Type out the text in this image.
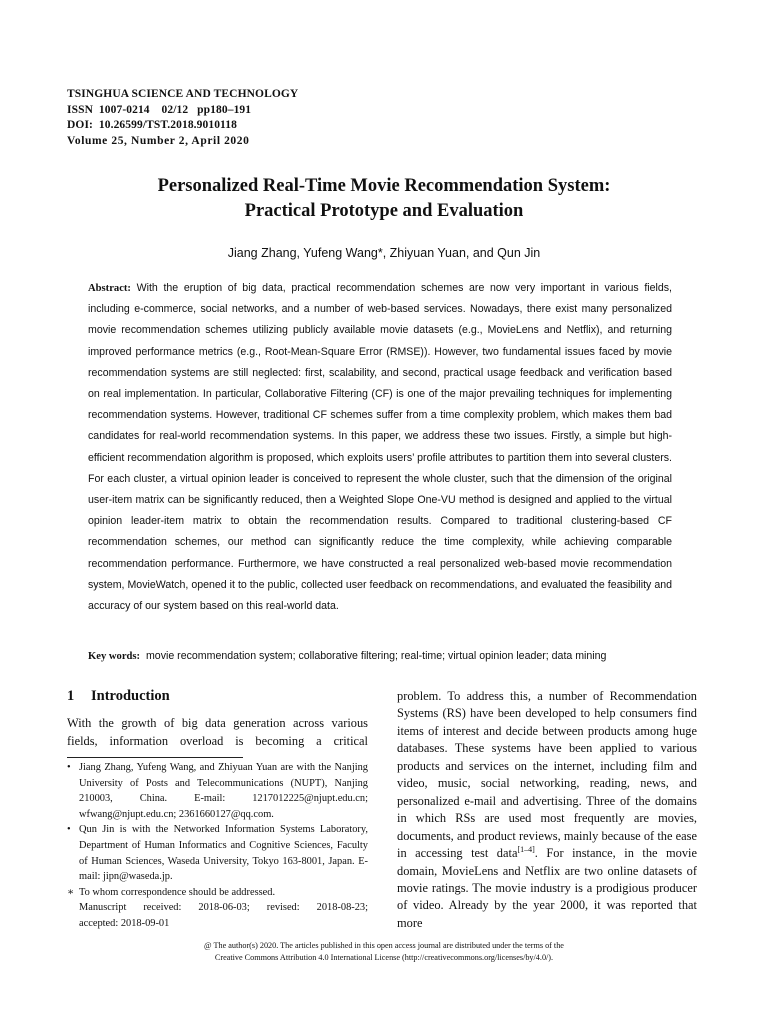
TSINGHUA SCIENCE AND TECHNOLOGY
ISSN  1007-0214    02/12   pp180–191
DOI:  10.26599/TST.2018.9010118
Volume 25, Number 2, April 2020
Personalized Real-Time Movie Recommendation System:
Practical Prototype and Evaluation
Jiang Zhang, Yufeng Wang*, Zhiyuan Yuan, and Qun Jin
Abstract: With the eruption of big data, practical recommendation schemes are now very important in various fields, including e-commerce, social networks, and a number of web-based services. Nowadays, there exist many personalized movie recommendation schemes utilizing publicly available movie datasets (e.g., MovieLens and Netflix), and returning improved performance metrics (e.g., Root-Mean-Square Error (RMSE)). However, two fundamental issues faced by movie recommendation systems are still neglected: first, scalability, and second, practical usage feedback and verification based on real implementation. In particular, Collaborative Filtering (CF) is one of the major prevailing techniques for implementing recommendation systems. However, traditional CF schemes suffer from a time complexity problem, which makes them bad candidates for real-world recommendation systems. In this paper, we address these two issues. Firstly, a simple but high-efficient recommendation algorithm is proposed, which exploits users’ profile attributes to partition them into several clusters. For each cluster, a virtual opinion leader is conceived to represent the whole cluster, such that the dimension of the original user-item matrix can be significantly reduced, then a Weighted Slope One-VU method is designed and applied to the virtual opinion leader-item matrix to obtain the recommendation results. Compared to traditional clustering-based CF recommendation schemes, our method can significantly reduce the time complexity, while achieving comparable recommendation performance. Furthermore, we have constructed a real personalized web-based movie recommendation system, MovieWatch, opened it to the public, collected user feedback on recommendations, and evaluated the feasibility and accuracy of our system based on this real-world data.
Key words: movie recommendation system; collaborative filtering; real-time; virtual opinion leader; data mining
1 Introduction
With the growth of big data generation across various
fields, information overload is becoming a critical
• Jiang Zhang, Yufeng Wang, and Zhiyuan Yuan are with the Nanjing University of Posts and Telecommunications (NUPT), Nanjing 210003, China. E-mail: 1217012225@njupt.edu.cn; wfwang@njupt.edu.cn; 2361660127@qq.com.
• Qun Jin is with the Networked Information Systems Laboratory, Department of Human Informatics and Cognitive Sciences, Faculty of Human Sciences, Waseda University, Tokyo 163-8001, Japan. E-mail: jipn@waseda.jp.
∗ To whom correspondence should be addressed.
Manuscript received: 2018-06-03; revised: 2018-08-23;
accepted: 2018-09-01

problem. To address this, a number of Recommendation Systems (RS) have been developed to help consumers find items of interest and decide between products among huge databases. These systems have been applied to various products and services on the internet, including film and video, music, social networking, reading, news, and personalized e-mail and advertising. Three of the domains in which RSs are used most frequently are movies, documents, and product reviews, mainly because of the ease in accessing test data[1–4]. For instance, in the movie domain, MovieLens and Netflix are two online datasets of movie ratings. The movie industry is a prodigious producer of video. Already by the year 2000, it was reported that more

@ The author(s) 2020. The articles published in this open access journal are distributed under the terms of the
Creative Commons Attribution 4.0 International License (http://creativecommons.org/licenses/by/4.0/).
